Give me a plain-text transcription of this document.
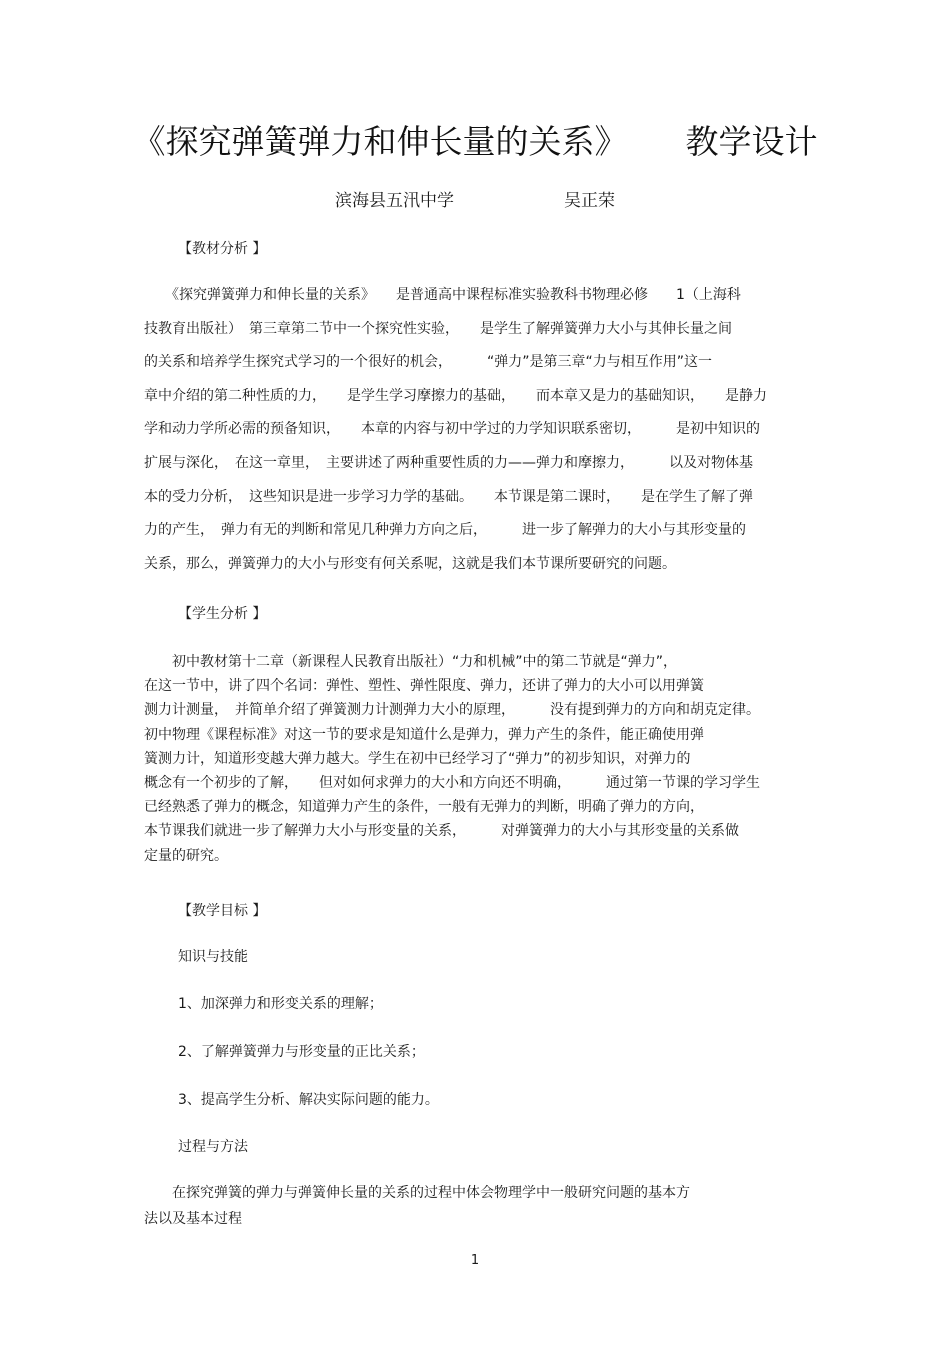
《探究弹簧弹力和伸长量的关系》 教学设计
滨海县五汛中学	吴正荣
【教材分析 】
　　《探究弹簧弹力和伸长量的关系》　　是普通高中课程标准实验教科书物理必修　　1（上海科
技教育出版社）　第三章第二节中一个探究性实验，　　是学生了解弹簧弹力大小与其伸长量之间
的关系和培养学生探究式学习的一个很好的机会，　　　“弹力”是第三章“力与相互作用”这一
章中介绍的第二种性质的力，　　是学生学习摩擦力的基础，　　而本章又是力的基础知识，　　是静力
学和动力学所必需的预备知识，　　本章的内容与初中学过的力学知识联系密切，　　　是初中知识的
扩展与深化，　在这一章里，　主要讲述了两种重要性质的力——弹力和摩擦力，　　　以及对物体基
本的受力分析，　这些知识是进一步学习力学的基础。　　本节课是第二课时，　　是在学生了解了弹
力的产生，　弹力有无的判断和常见几种弹力方向之后，　　　进一步了解弹力的大小与其形变量的
关系，那么，弹簧弹力的大小与形变有何关系呢，这就是我们本节课所要研究的问题。
【学生分析 】
　　初中教材第十二章（新课程人民教育出版社）“力和机械”中的第二节就是“弹力”，
在这一节中，讲了四个名词：弹性、塑性、弹性限度、弹力，还讲了弹力的大小可以用弹簧
测力计测量，　并简单介绍了弹簧测力计测弹力大小的原理，　　　没有提到弹力的方向和胡克定律。
初中物理《课程标准》对这一节的要求是知道什么是弹力，弹力产生的条件，能正确使用弹
簧测力计，知道形变越大弹力越大。学生在初中已经学习了“弹力”的初步知识，对弹力的
概念有一个初步的了解，　　但对如何求弹力的大小和方向还不明确，　　　通过第一节课的学习学生
已经熟悉了弹力的概念，知道弹力产生的条件，一般有无弹力的判断，明确了弹力的方向，
本节课我们就进一步了解弹力大小与形变量的关系，　　　对弹簧弹力的大小与其形变量的关系做
定量的研究。
【教学目标 】
知识与技能
1、加深弹力和形变关系的理解；
2、了解弹簧弹力与形变量的正比关系；
3、提高学生分析、解决实际问题的能力。
过程与方法
　　在探究弹簧的弹力与弹簧伸长量的关系的过程中体会物理学中一般研究问题的基本方
法以及基本过程
1
